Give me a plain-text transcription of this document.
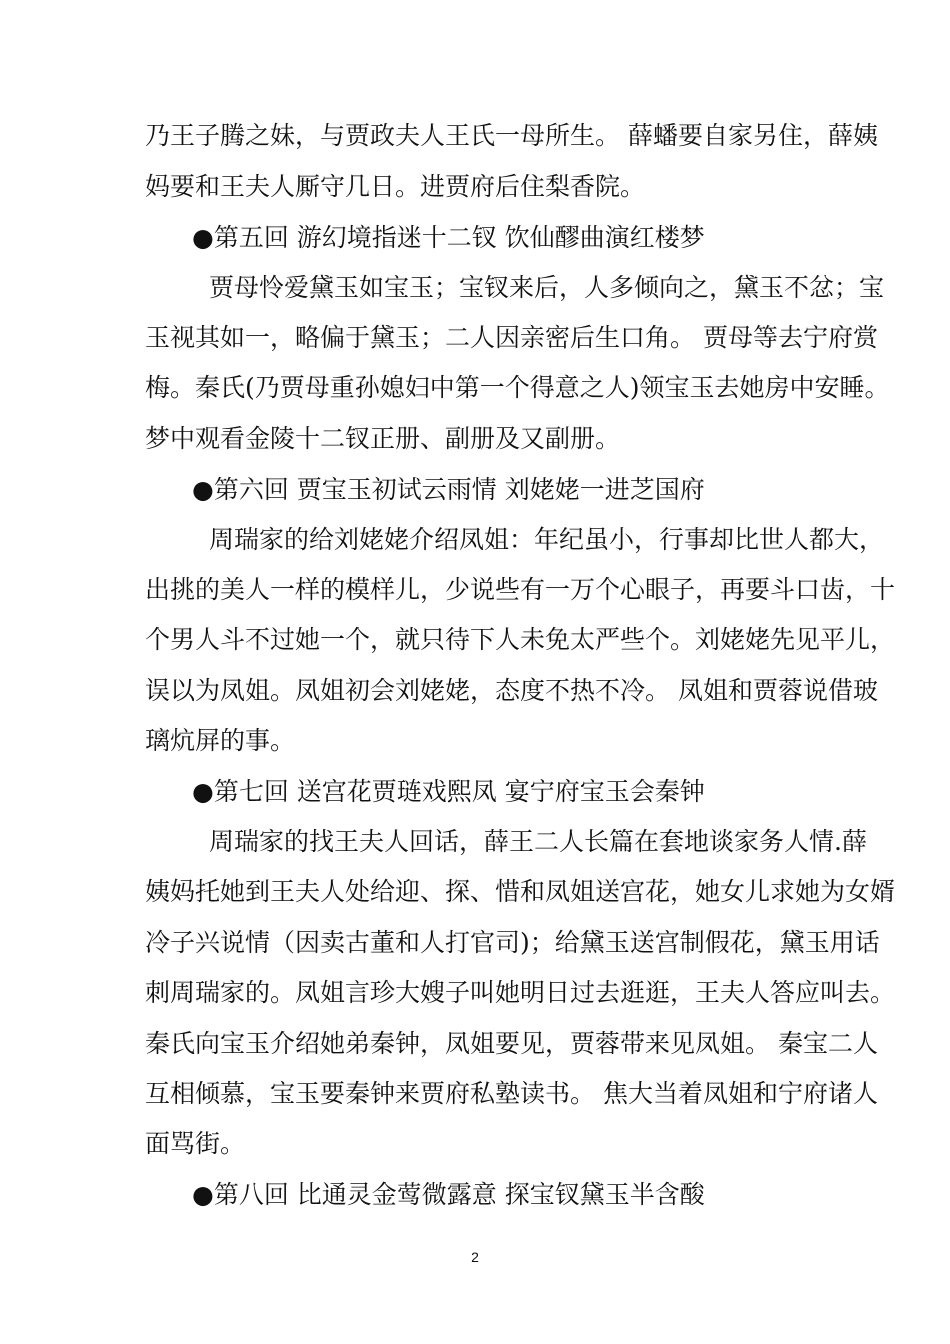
乃王子腾之妹，与贾政夫人王氏一母所生。 薛蟠要自家另住，薛姨
妈要和王夫人厮守几日。进贾府后住梨香院。
●第五回 游幻境指迷十二钗 饮仙醪曲演红楼梦
贾母怜爱黛玉如宝玉；宝钗来后，人多倾向之，黛玉不忿；宝
玉视其如一，略偏于黛玉；二人因亲密后生口角。 贾母等去宁府赏
梅。秦氏(乃贾母重孙媳妇中第一个得意之人)领宝玉去她房中安睡。
梦中观看金陵十二钗正册、副册及又副册。
●第六回 贾宝玉初试云雨情 刘姥姥一进芝国府
周瑞家的给刘姥姥介绍凤姐：年纪虽小，行事却比世人都大，
出挑的美人一样的模样儿，少说些有一万个心眼子，再要斗口齿，十
个男人斗不过她一个，就只待下人未免太严些个。刘姥姥先见平儿，
误以为凤姐。凤姐初会刘姥姥，态度不热不冷。 凤姐和贾蓉说借玻
璃炕屏的事。
●第七回 送宫花贾琏戏熙凤 宴宁府宝玉会秦钟
周瑞家的找王夫人回话，薛王二人长篇在套地谈家务人情.薛
姨妈托她到王夫人处给迎、探、惜和凤姐送宫花，她女儿求她为女婿
冷子兴说情（因卖古董和人打官司)；给黛玉送宫制假花，黛玉用话
刺周瑞家的。凤姐言珍大嫂子叫她明日过去逛逛，王夫人答应叫去。
秦氏向宝玉介绍她弟秦钟，凤姐要见，贾蓉带来见凤姐。 秦宝二人
互相倾慕，宝玉要秦钟来贾府私塾读书。 焦大当着凤姐和宁府诸人
面骂街。
●第八回 比通灵金莺微露意 探宝钗黛玉半含酸
2
